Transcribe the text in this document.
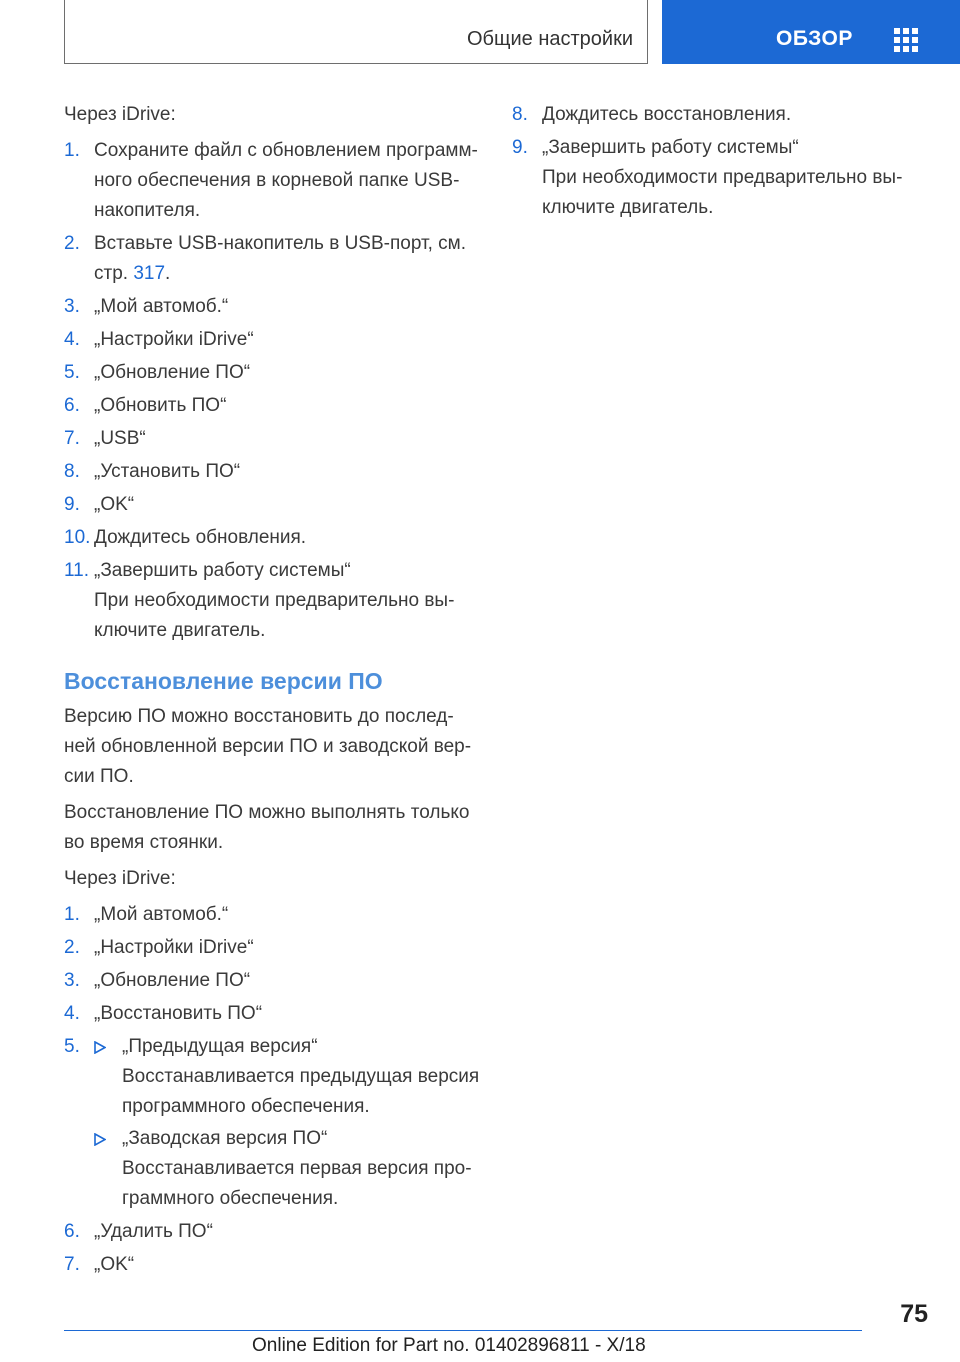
Общие настройки	ОБЗОР

Через iDrive:

1. Сохраните файл с обновлением программ-ного обеспечения в корневой папке USB-накопителя.
2. Вставьте USB-накопитель в USB-порт, см. стр. 317.
3. „Мой автомоб.“
4. „Настройки iDrive“
5. „Обновление ПО“
6. „Обновить ПО“
7. „USB“
8. „Установить ПО“
9. „OK“
10. Дождитесь обновления.
11. „Завершить работу системы“

При необходимости предварительно вы-ключите двигатель.

Восстановление версии ПО

Версию ПО можно восстановить до послед-ней обновленной версии ПО и заводской вер-сии ПО.

Восстановление ПО можно выполнять только во время стоянки.

Через iDrive:

1. „Мой автомоб.“
2. „Настройки iDrive“
3. „Обновление ПО“
4. „Восстановить ПО“
5. „Предыдущая версия“
Восстанавливается предыдущая версия программного обеспечения.
„Заводская версия ПО“
Восстанавливается первая версия про-граммного обеспечения.
6. „Удалить ПО“
7. „OK“
8. Дождитесь восстановления.
9. „Завершить работу системы“

При необходимости предварительно вы-ключите двигатель.

75
Online Edition for Part no. 01402896811 - X/18
